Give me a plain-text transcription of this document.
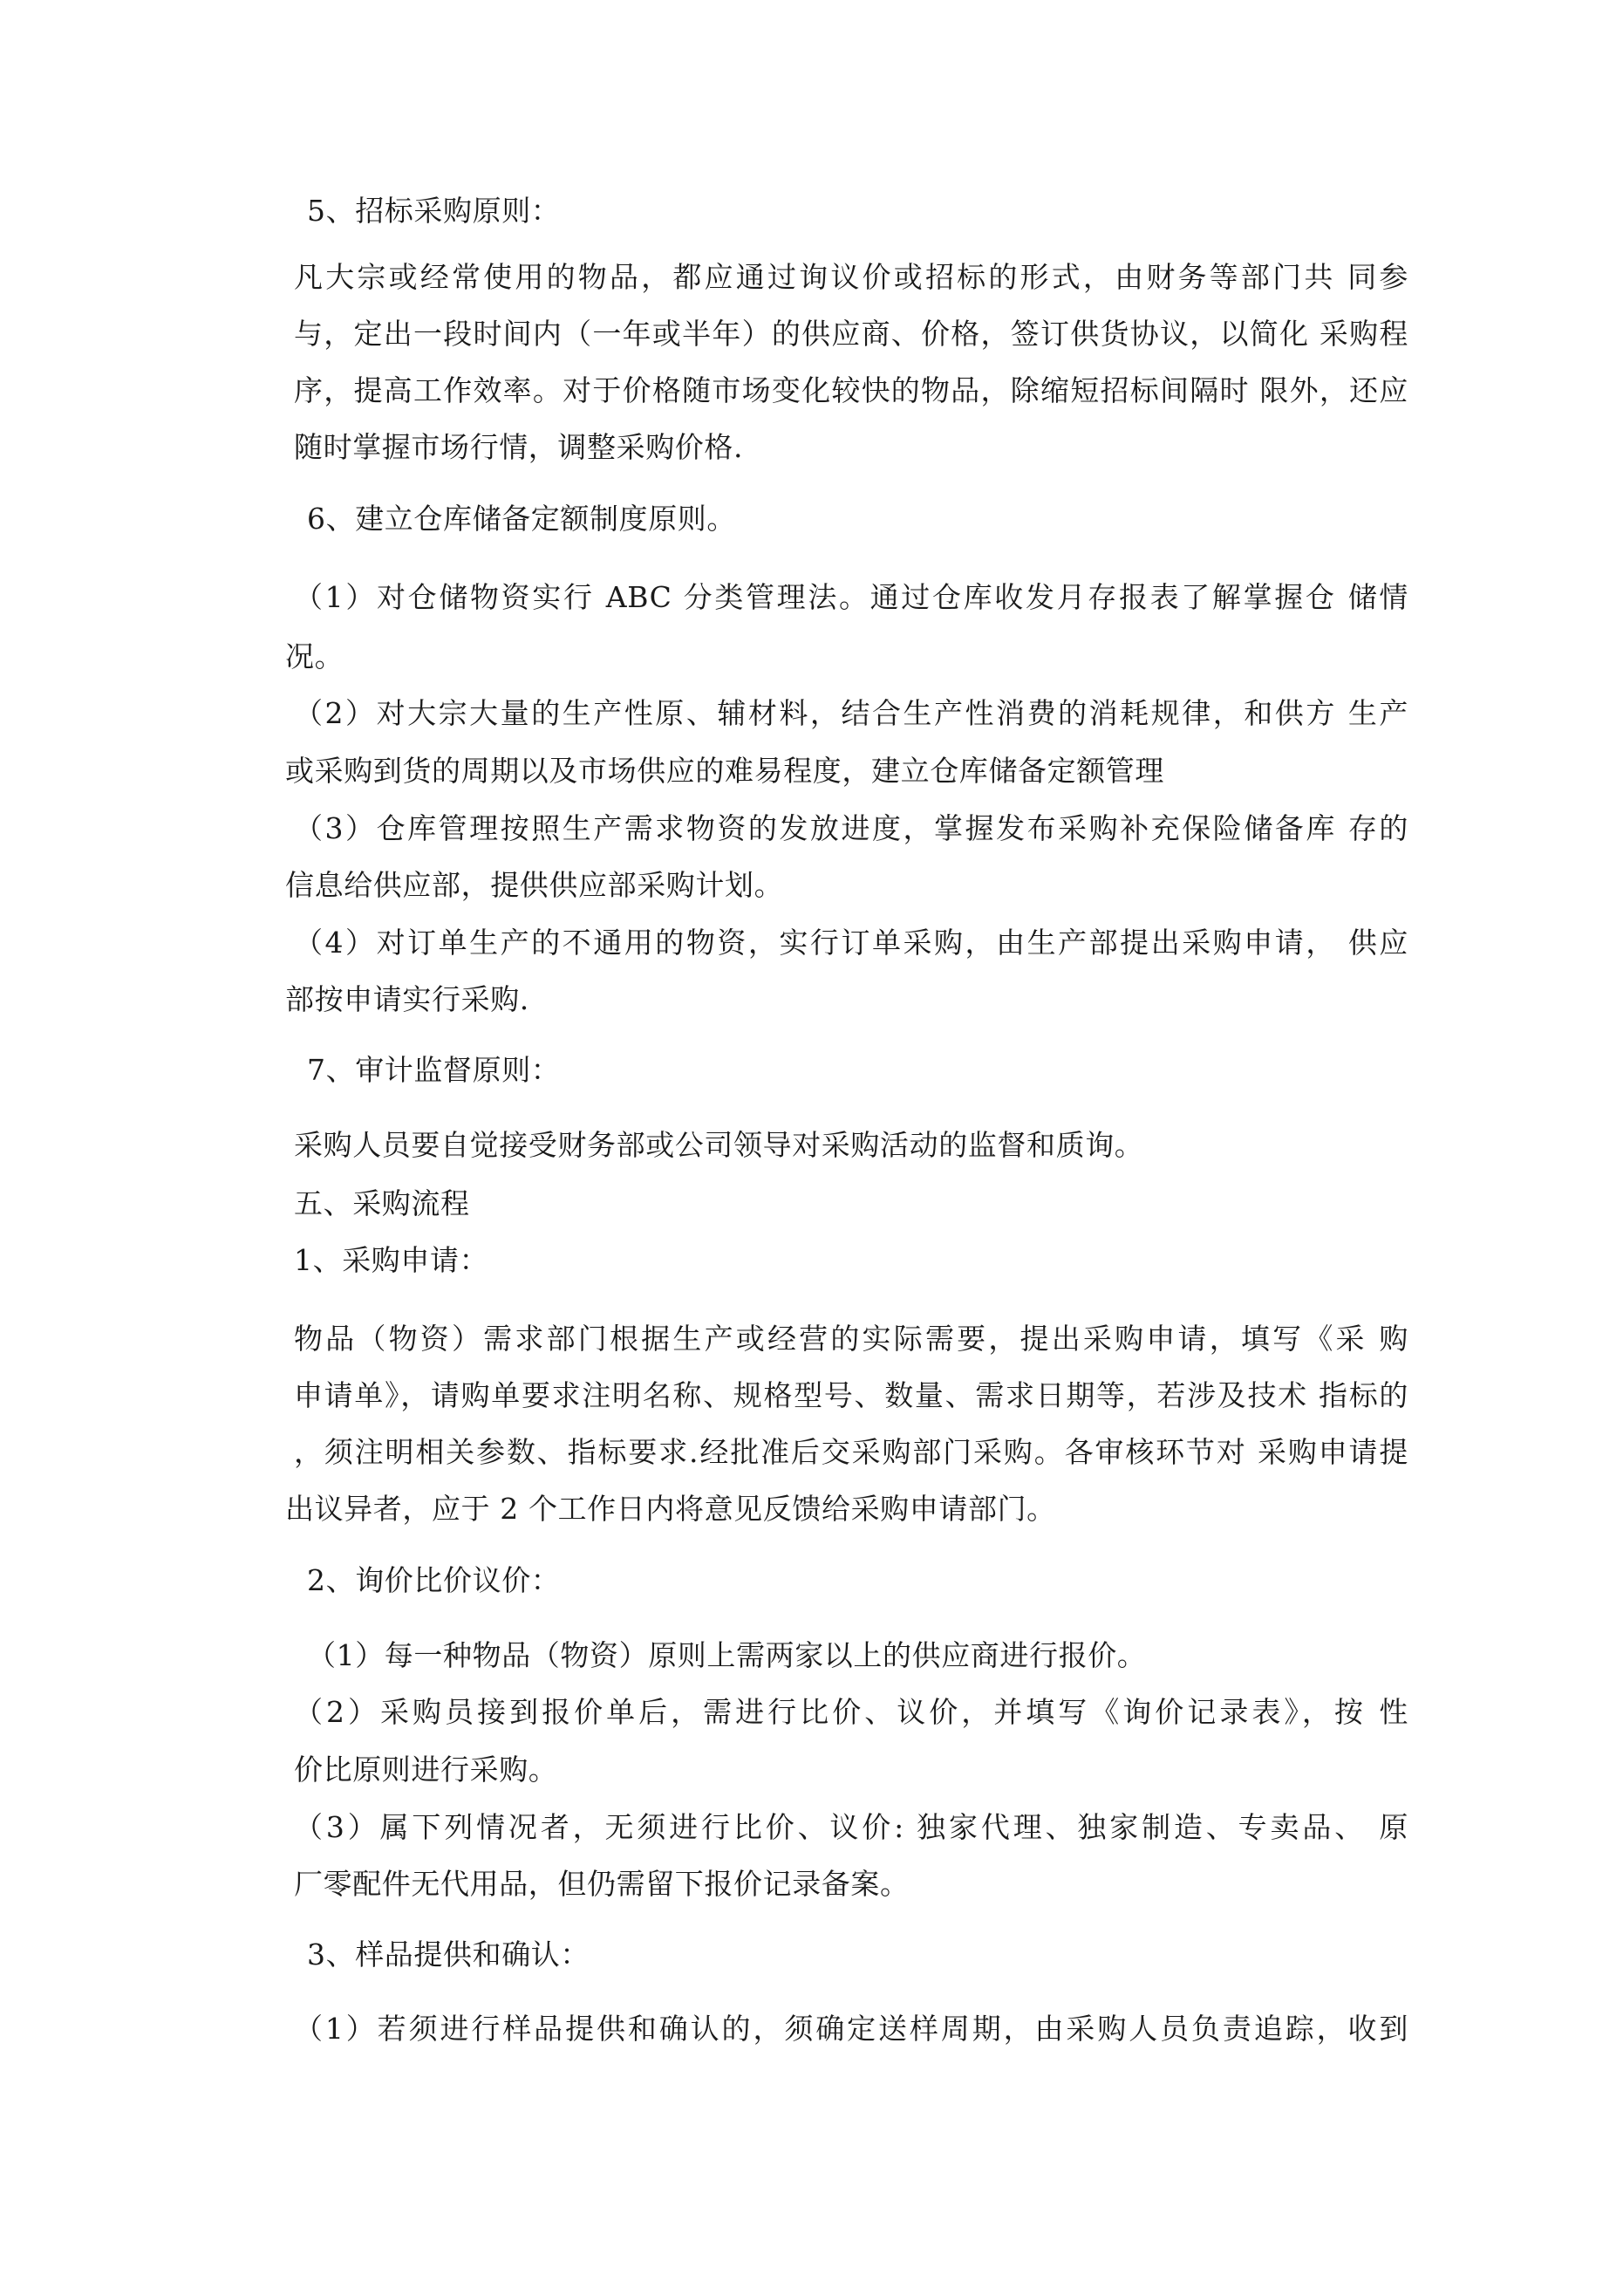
5、招标采购原则：

凡大宗或经常使用的物品，都应通过询议价或招标的形式，由财务等部门共 同参

与，定出一段时间内（一年或半年）的供应商、价格，签订供货协议，以简化 采购程

序，提高工作效率。对于价格随市场变化较快的物品，除缩短招标间隔时 限外，还应

随时掌握市场行情，调整采购价格.

6、建立仓库储备定额制度原则。

（1）对仓储物资实行 ABC 分类管理法。通过仓库收发月存报表了解掌握仓 储情

况。

（2）对大宗大量的生产性原、辅材料，结合生产性消费的消耗规律，和供方 生产

或采购到货的周期以及市场供应的难易程度，建立仓库储备定额管理

（3）仓库管理按照生产需求物资的发放进度，掌握发布采购补充保险储备库 存的

信息给供应部，提供供应部采购计划。

（4）对订单生产的不通用的物资，实行订单采购，由生产部提出采购申请， 供应

部按申请实行采购.

7、审计监督原则：

采购人员要自觉接受财务部或公司领导对采购活动的监督和质询。

五、采购流程

1、采购申请：

物品（物资）需求部门根据生产或经营的实际需要，提出采购申请，填写《采 购

申请单》，请购单要求注明名称、规格型号、数量、需求日期等，若涉及技术 指标的

，须注明相关参数、指标要求.经批准后交采购部门采购。各审核环节对 采购申请提

出议异者，应于 2 个工作日内将意见反馈给采购申请部门。

2、询价比价议价：

（1）每一种物品（物资）原则上需两家以上的供应商进行报价。

（2）采购员接到报价单后，需进行比价、议价，并填写《询价记录表》，按 性

价比原则进行采购。

（3）属下列情况者，无须进行比价、议价: 独家代理、独家制造、专卖品、 原

厂零配件无代用品，但仍需留下报价记录备案。

3、样品提供和确认：

（1）若须进行样品提供和确认的，须确定送样周期，由采购人员负责追踪，收到
